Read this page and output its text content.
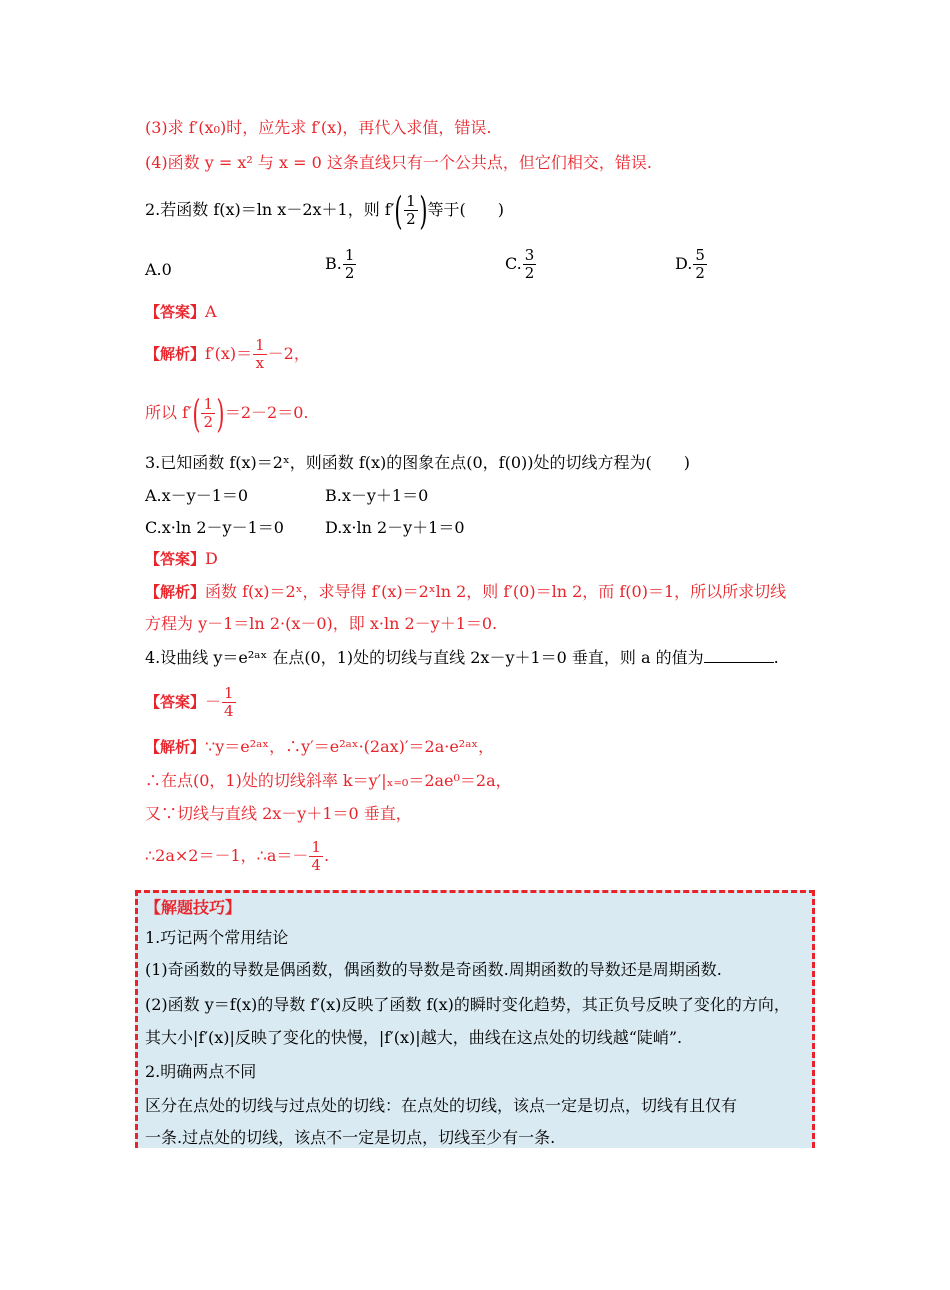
(3)求 f′(x₀)时，应先求 f′(x)，再代入求值，错误.
(4)函数 y = x² 与 x = 0 这条直线只有一个公共点，但它们相交，错误.
2.若函数 f(x)＝ln x－2x＋1，则 $f'( \frac{1}{2}$ )等于(　　)
A.0	B. $\frac{1}{2}$	C. $\frac{3}{2}$	D. $\frac{5}{2}$
【答案】A
【解析】$f'(x)= \frac{1}{x} -2$，
所以 $f'( \frac{1}{2} )=2-2=0$.
3.已知函数 f(x)＝2ˣ，则函数 f(x)的图象在点(0，f(0))处的切线方程为(　　)
A.x－y－1＝0	B.x－y＋1＝0
C.x·ln 2－y－1＝0	D.x·ln 2－y＋1＝0
【答案】D
【解析】函数 f(x)＝2ˣ，求导得 f′(x)＝2ˣln 2，则 f′(0)＝ln 2，而 f(0)＝1，所以所求切线
方程为 y－1＝ln 2·(x－0)，即 x·ln 2－y＋1＝0.
4.设曲线 y＝e²ᵃˣ 在点(0，1)处的切线与直线 2x－y＋1＝0 垂直，则 a 的值为	.
【答案】－ $\frac{1}{4}$
【解析】∵y＝e²ᵃˣ，∴y′＝e²ᵃˣ·(2ax)′＝2a·e²ᵃˣ，
∴在点(0，1)处的切线斜率 k＝y′|ₓ₌₀＝2ae⁰＝2a，
又∵切线与直线 2x－y＋1＝0 垂直，
∴2a×2＝－1，∴a＝－ $\frac{1}{4}$ .
【解题技巧】
1.巧记两个常用结论
(1)奇函数的导数是偶函数，偶函数的导数是奇函数.周期函数的导数还是周期函数.
(2)函数 y＝f(x)的导数 f′(x)反映了函数 f(x)的瞬时变化趋势，其正负号反映了变化的方向，
其大小|f′(x)|反映了变化的快慢，|f′(x)|越大，曲线在这点处的切线越“陡峭”.
2.明确两点不同
区分在点处的切线与过点处的切线：在点处的切线，该点一定是切点，切线有且仅有
一条.过点处的切线，该点不一定是切点，切线至少有一条.
